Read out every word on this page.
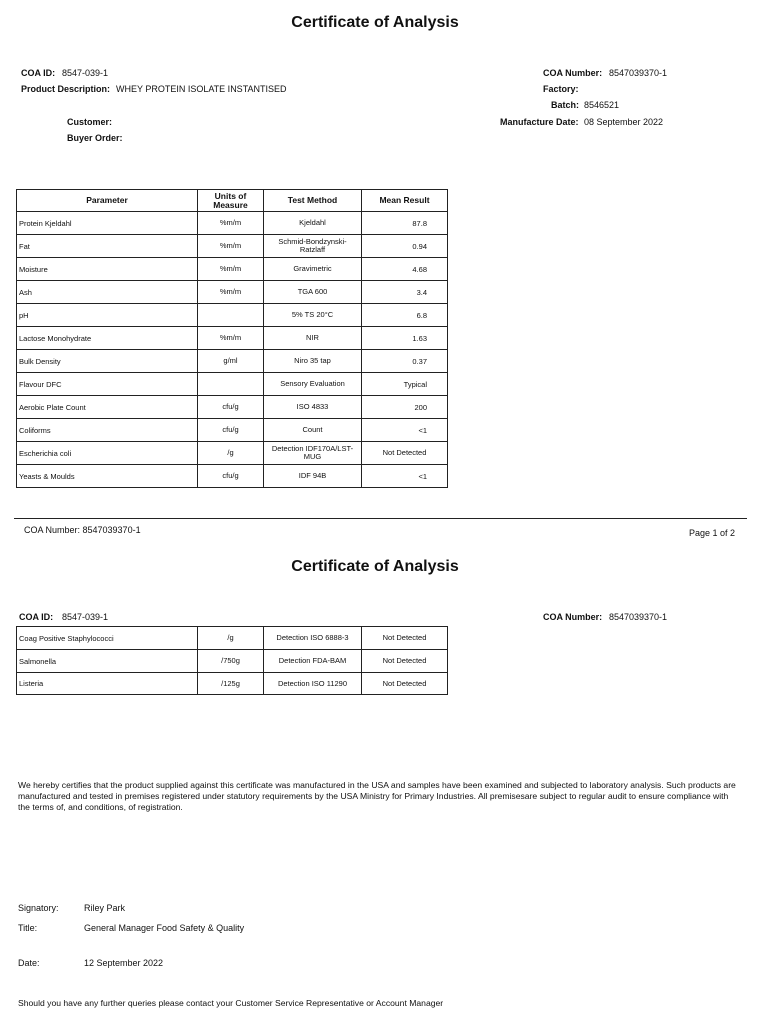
Certificate of Analysis
COA ID: 8547-039-1
Product Description: WHEY PROTEIN ISOLATE INSTANTISED
Customer:
Buyer Order:
COA Number: 8547039370-1
Factory:
Batch: 8546521
Manufacture Date: 08 September 2022
Parameter	Units of Measure	Test Method	Mean Result
Protein Kjeldahl	%m/m	Kjeldahl	87.8
Fat	%m/m	Schmid-Bondzynski-Ratzlaff	0.94
Moisture	%m/m	Gravimetric	4.68
Ash	%m/m	TGA 600	3.4
pH		5% TS 20°C	6.8
Lactose Monohydrate	%m/m	NIR	1.63
Bulk Density	g/ml	Niro 35 tap	0.37
Flavour DFC		Sensory Evaluation	Typical
Aerobic Plate Count	cfu/g	ISO 4833	200
Coliforms	cfu/g	Count	<1
Escherichia coli	/g	Detection IDF170A/LST-MUG	Not Detected
Yeasts & Moulds	cfu/g	IDF 94B	<1
COA Number: 8547039370-1	Page 1 of 2
Certificate of Analysis
COA ID: 8547-039-1	COA Number: 8547039370-1
Coag Positive Staphylococci	/g	Detection ISO 6888-3	Not Detected
Salmonella	/750g	Detection FDA-BAM	Not Detected
Listeria	/125g	Detection ISO 11290	Not Detected
We hereby certifies that the product supplied against this certificate was manufactured in the USA and samples have been examined and subjected to laboratory analysis. Such products are manufactured and tested in premises registered under statutory requirements by the USA Ministry for Primary Industries. All premisesare subject to regular audit to ensure compliance with the terms of, and conditions, of registration.
Signatory:	Riley Park
Title:	General Manager Food Safety & Quality
Date:	12 September 2022
Should you have any further queries please contact your Customer Service Representative or Account Manager
